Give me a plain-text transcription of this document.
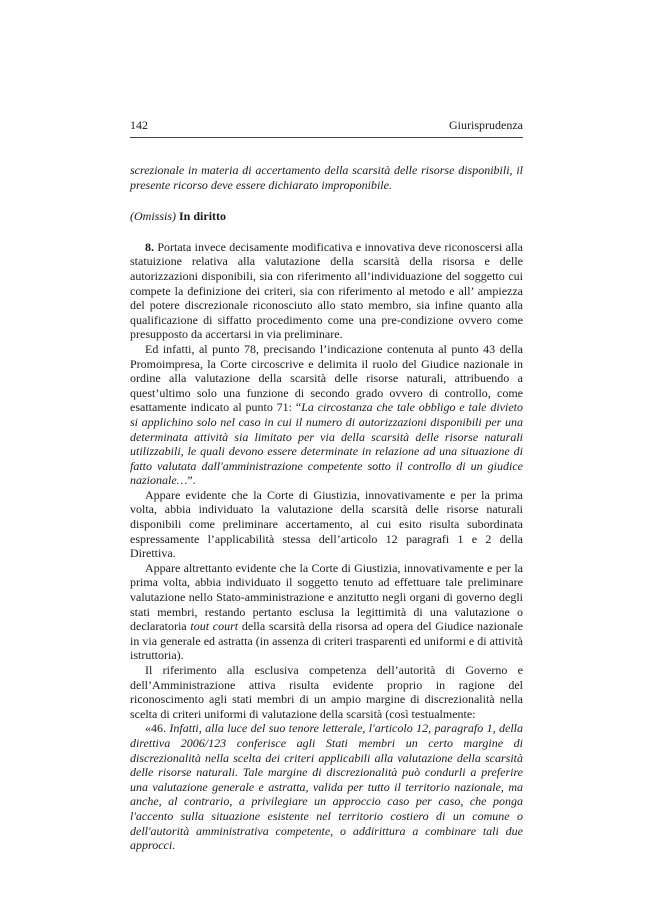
142	Giurisprudenza

screzionale in materia di accertamento della scarsità delle risorse disponibili, il presente ricorso deve essere dichiarato improponibile.

(Omissis) In diritto

8. Portata invece decisamente modificativa e innovativa deve riconoscersi alla statuizione relativa alla valutazione della scarsità della risorsa e delle autorizzazioni disponibili, sia con riferimento all’individuazione del soggetto cui compete la definizione dei criteri, sia con riferimento al metodo e all’ ampiezza del potere discrezionale riconosciuto allo stato membro, sia infine quanto alla qualificazione di siffatto procedimento come una pre-condizione ovvero come presupposto da accertarsi in via preliminare.

Ed infatti, al punto 78, precisando l’indicazione contenuta al punto 43 della Promoimpresa, la Corte circoscrive e delimita il ruolo del Giudice nazionale in ordine alla valutazione della scarsità delle risorse naturali, attribuendo a quest’ultimo solo una funzione di secondo grado ovvero di controllo, come esattamente indicato al punto 71: “La circostanza che tale obbligo e tale divieto si applichino solo nel caso in cui il numero di autorizzazioni disponibili per una determinata attività sia limitato per via della scarsità delle risorse naturali utilizzabili, le quali devono essere determinate in relazione ad una situazione di fatto valutata dall'amministrazione competente sotto il controllo di un giudice nazionale…”.

Appare evidente che la Corte di Giustizia, innovativamente e per la prima volta, abbia individuato la valutazione della scarsità delle risorse naturali disponibili come preliminare accertamento, al cui esito risulta subordinata espressamente l’applicabilità stessa dell’articolo 12 paragrafi 1 e 2 della Direttiva.

Appare altrettanto evidente che la Corte di Giustizia, innovativamente e per la prima volta, abbia individuato il soggetto tenuto ad effettuare tale preliminare valutazione nello Stato-amministrazione e anzitutto negli organi di governo degli stati membri, restando pertanto esclusa la legittimità di una valutazione o declaratoria tout court della scarsità della risorsa ad opera del Giudice nazionale in via generale ed astratta (in assenza di criteri trasparenti ed uniformi e di attività istruttoria).

Il riferimento alla esclusiva competenza dell’autorità di Governo e dell’Amministrazione attiva risulta evidente proprio in ragione del riconoscimento agli stati membri di un ampio margine di discrezionalità nella scelta di criteri uniformi di valutazione della scarsità (così testualmente:

«46. Infatti, alla luce del suo tenore letterale, l'articolo 12, paragrafo 1, della direttiva 2006/123 conferisce agli Stati membri un certo margine di discrezionalità nella scelta dei criteri applicabili alla valutazione della scarsità delle risorse naturali. Tale margine di discrezionalità può condurli a preferire una valutazione generale e astratta, valida per tutto il territorio nazionale, ma anche, al contrario, a privilegiare un approccio caso per caso, che ponga l'accento sulla situazione esistente nel territorio costiero di un comune o dell'autorità amministrativa competente, o addirittura a combinare tali due approcci.
